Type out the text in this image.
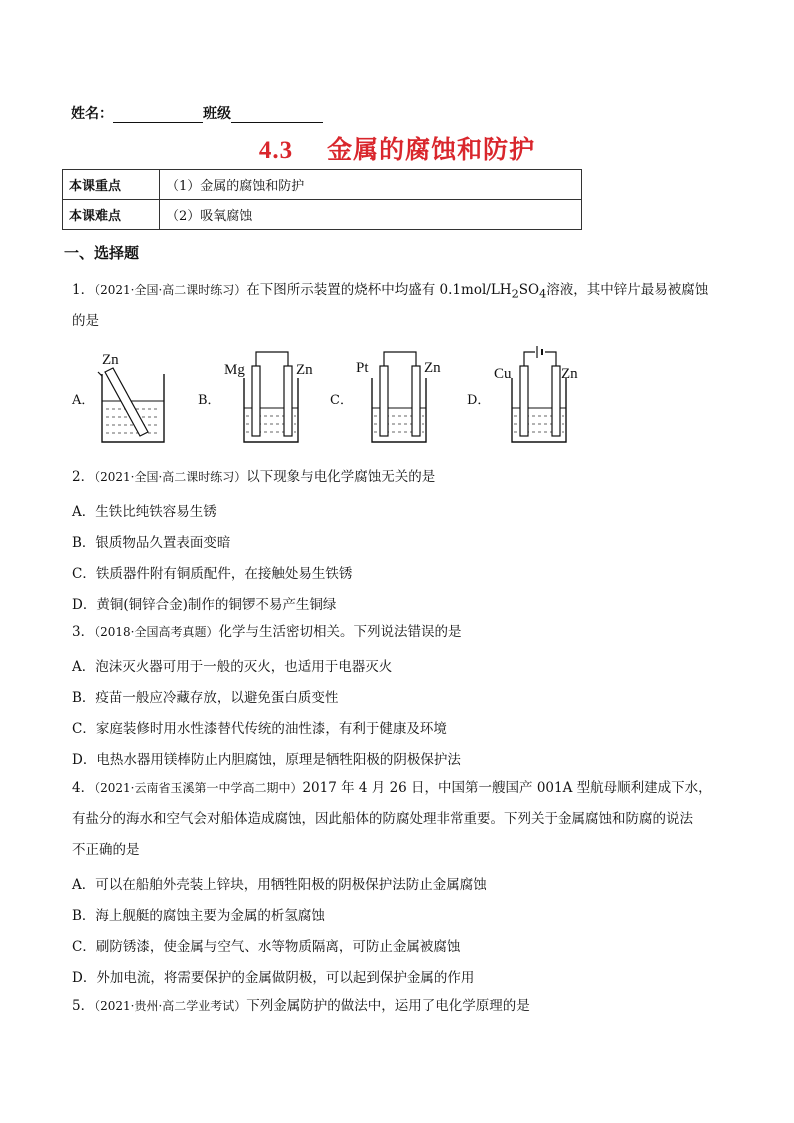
姓名：	班级
4.3 金属的腐蚀和防护
本课重点	（1）金属的腐蚀和防护
本课难点	（2）吸氧腐蚀
一、选择题
1．（2021·全国·高二课时练习）在下图所示装置的烧杯中均盛有 $0.1mol/LH_2SO_4$溶液，其中锌片最易被腐蚀
的是
A．	B．	C．	D．
Zn
Mg	Zn	Pt	Zn	Cu	Zn
2．（2021·全国·高二课时练习）以下现象与电化学腐蚀无关的是
A．生铁比纯铁容易生锈
B．银质物品久置表面变暗
C．铁质器件附有铜质配件，在接触处易生铁锈
D．黄铜(铜锌合金)制作的铜锣不易产生铜绿
3．（2018·全国高考真题）化学与生活密切相关。下列说法错误的是
A．泡沫灭火器可用于一般的灭火，也适用于电器灭火
B．疫苗一般应冷藏存放，以避免蛋白质变性
C．家庭装修时用水性漆替代传统的油性漆，有利于健康及环境
D．电热水器用镁棒防止内胆腐蚀，原理是牺牲阳极的阴极保护法
4．（2021·云南省玉溪第一中学高二期中）2017 年 4 月 26 日，中国第一艘国产 001A 型航母顺利建成下水，
有盐分的海水和空气会对船体造成腐蚀，因此船体的防腐处理非常重要。下列关于金属腐蚀和防腐的说法
不正确的是
A．可以在船舶外壳装上锌块，用牺牲阳极的阴极保护法防止金属腐蚀
B．海上舰艇的腐蚀主要为金属的析氢腐蚀
C．刷防锈漆，使金属与空气、水等物质隔离，可防止金属被腐蚀
D．外加电流，将需要保护的金属做阴极，可以起到保护金属的作用
5．（2021·贵州·高二学业考试）下列金属防护的做法中，运用了电化学原理的是
